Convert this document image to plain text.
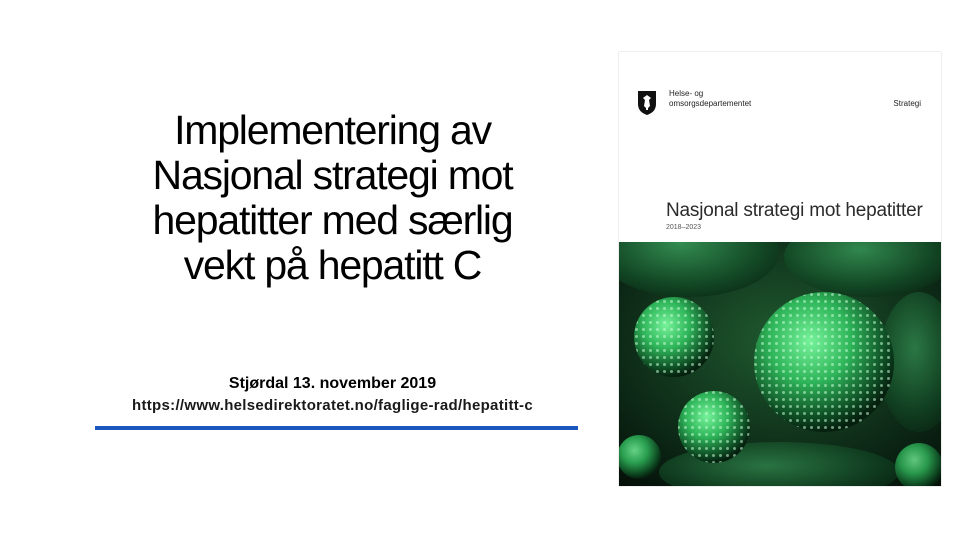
Implementering av
Nasjonal strategi mot
hepatitter med særlig
vekt på hepatitt C
Stjørdal 13. november 2019
https://www.helsedirektoratet.no/faglige-rad/hepatitt-c
Helse- og
omsorgsdepartementet	Strategi
Nasjonal strategi mot hepatitter
2018–2023
